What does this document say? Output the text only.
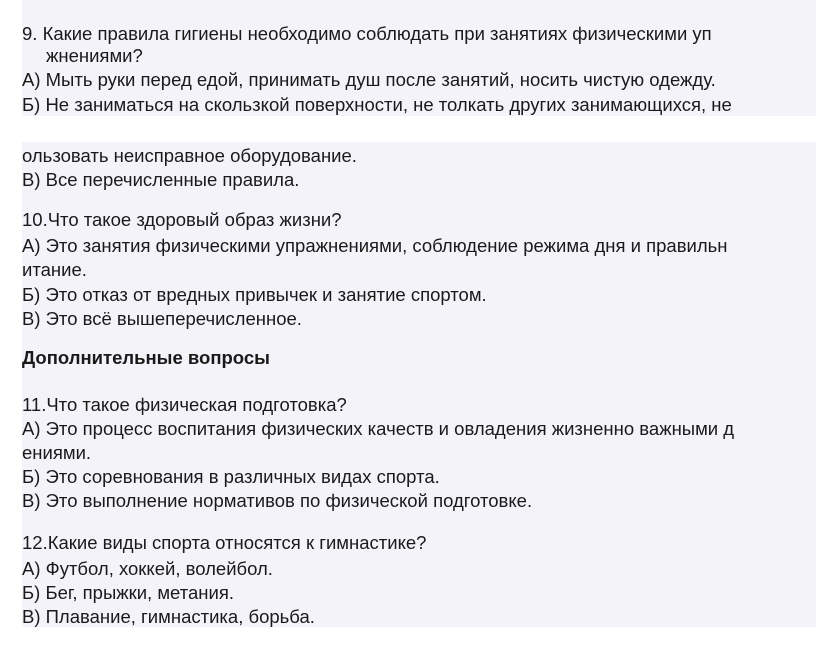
9. Какие правила гигиены необходимо соблюдать при занятиях физическими уп
жнениями?
А) Мыть руки перед едой, принимать душ после занятий, носить чистую одежду.
Б) Не заниматься на скользкой поверхности, не толкать других занимающихся, не
ользовать неисправное оборудование.
В) Все перечисленные правила.
10.Что такое здоровый образ жизни?
А) Это занятия физическими упражнениями, соблюдение режима дня и правильн
итание.
Б) Это отказ от вредных привычек и занятие спортом.
В) Это всё вышеперечисленное.
Дополнительные вопросы
11.Что такое физическая подготовка?
А) Это процесс воспитания физических качеств и овладения жизненно важными д
ениями.
Б) Это соревнования в различных видах спорта.
В) Это выполнение нормативов по физической подготовке.
12.Какие виды спорта относятся к гимнастике?
А) Футбол, хоккей, волейбол.
Б) Бег, прыжки, метания.
В) Плавание, гимнастика, борьба.
